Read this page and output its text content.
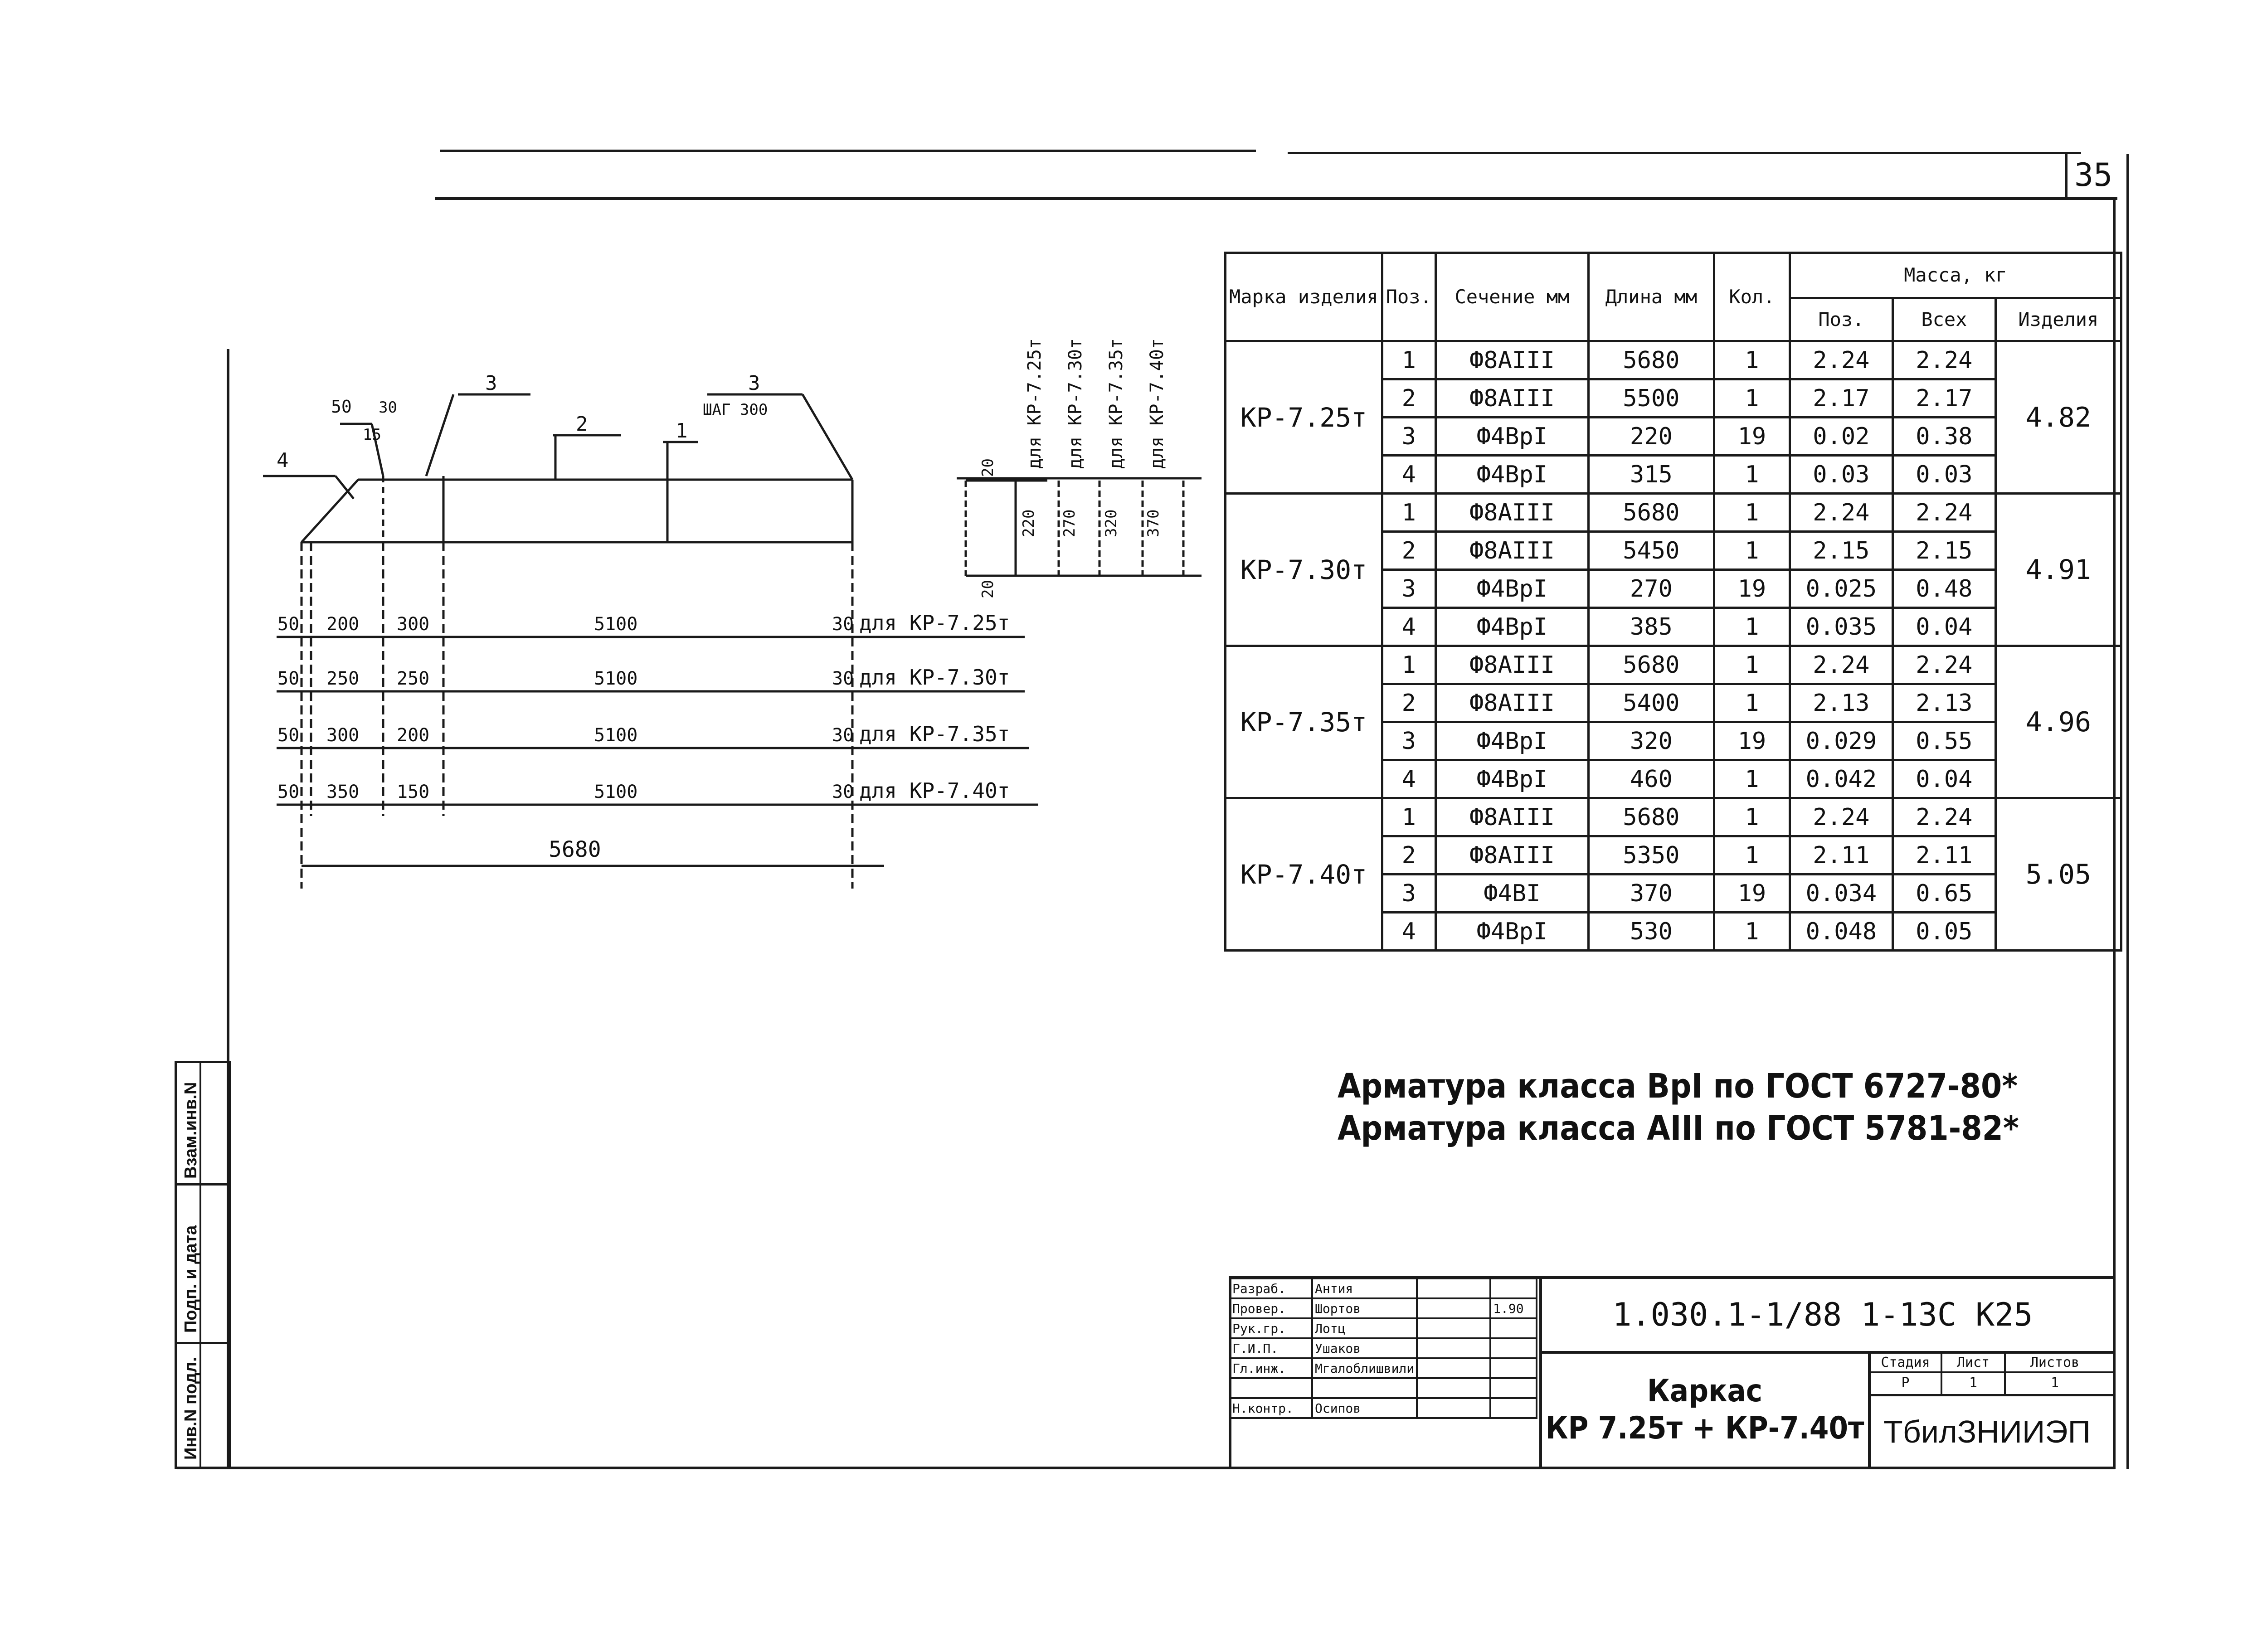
35
4
3
2	1
3
ШАГ 300
50 30
15
50 200 300	5100	30 для КР-7.25т
50 250 250	5100	30 для КР-7.30т
50 300 200	5100	30 для КР-7.35т
50 350 150	5100	30 для КР-7.40т
5680
20
20
220 270 320 370
для КР-7.25т для КР-7.30т для КР-7.35т для КР-7.40т
Марка изделия	Поз.	Сечение мм	Длина мм	Кол.	Масса, кг		
					Поз.	Всех	Изделия
КР-7.25т	1	Ф8АIII	5680	1	2.24	2.24	4.82
	2	Ф8АIII	5500	1	2.17	2.17	
	3	Ф4ВрI	220	19	0.02	0.38	
	4	Ф4ВрI	315	1	0.03	0.03	
КР-7.30т	1	Ф8АIII	5680	1	2.24	2.24	4.91
	2	Ф8АIII	5450	1	2.15	2.15	
	3	Ф4ВрI	270	19	0.025	0.48	
	4	Ф4ВрI	385	1	0.035	0.04	
КР-7.35т	1	Ф8АIII	5680	1	2.24	2.24	4.96
	2	Ф8АIII	5400	1	2.13	2.13	
	3	Ф4ВрI	320	19	0.029	0.55	
	4	Ф4ВрI	460	1	0.042	0.04	
КР-7.40т	1	Ф8АIII	5680	1	2.24	2.24	5.05
	2	Ф8АIII	5350	1	2.11	2.11	
	3	Ф4ВI	370	19	0.034	0.65	
	4	Ф4ВрI	530	1	0.048	0.05	
Арматура класса ВрI по ГОСТ 6727-80*
Арматура класса АIII по ГОСТ 5781-82*
Разраб.	Антия		
Провер.	Шортов		1.90
Рук.гр.	Лотц		
Г.И.П.	Ушаков		
Гл.инж.	Мгалоблишвили		

Н.контр.	Осипов		
1.030.1-1/88 1-13С К25
Каркас
КР 7.25т + КР-7.40т
Стадия	Лист	Листов
Р	1	1
ТбилЗНИИЭП
Взам.инв.N
Подп. и дата
Инв.N подл.
